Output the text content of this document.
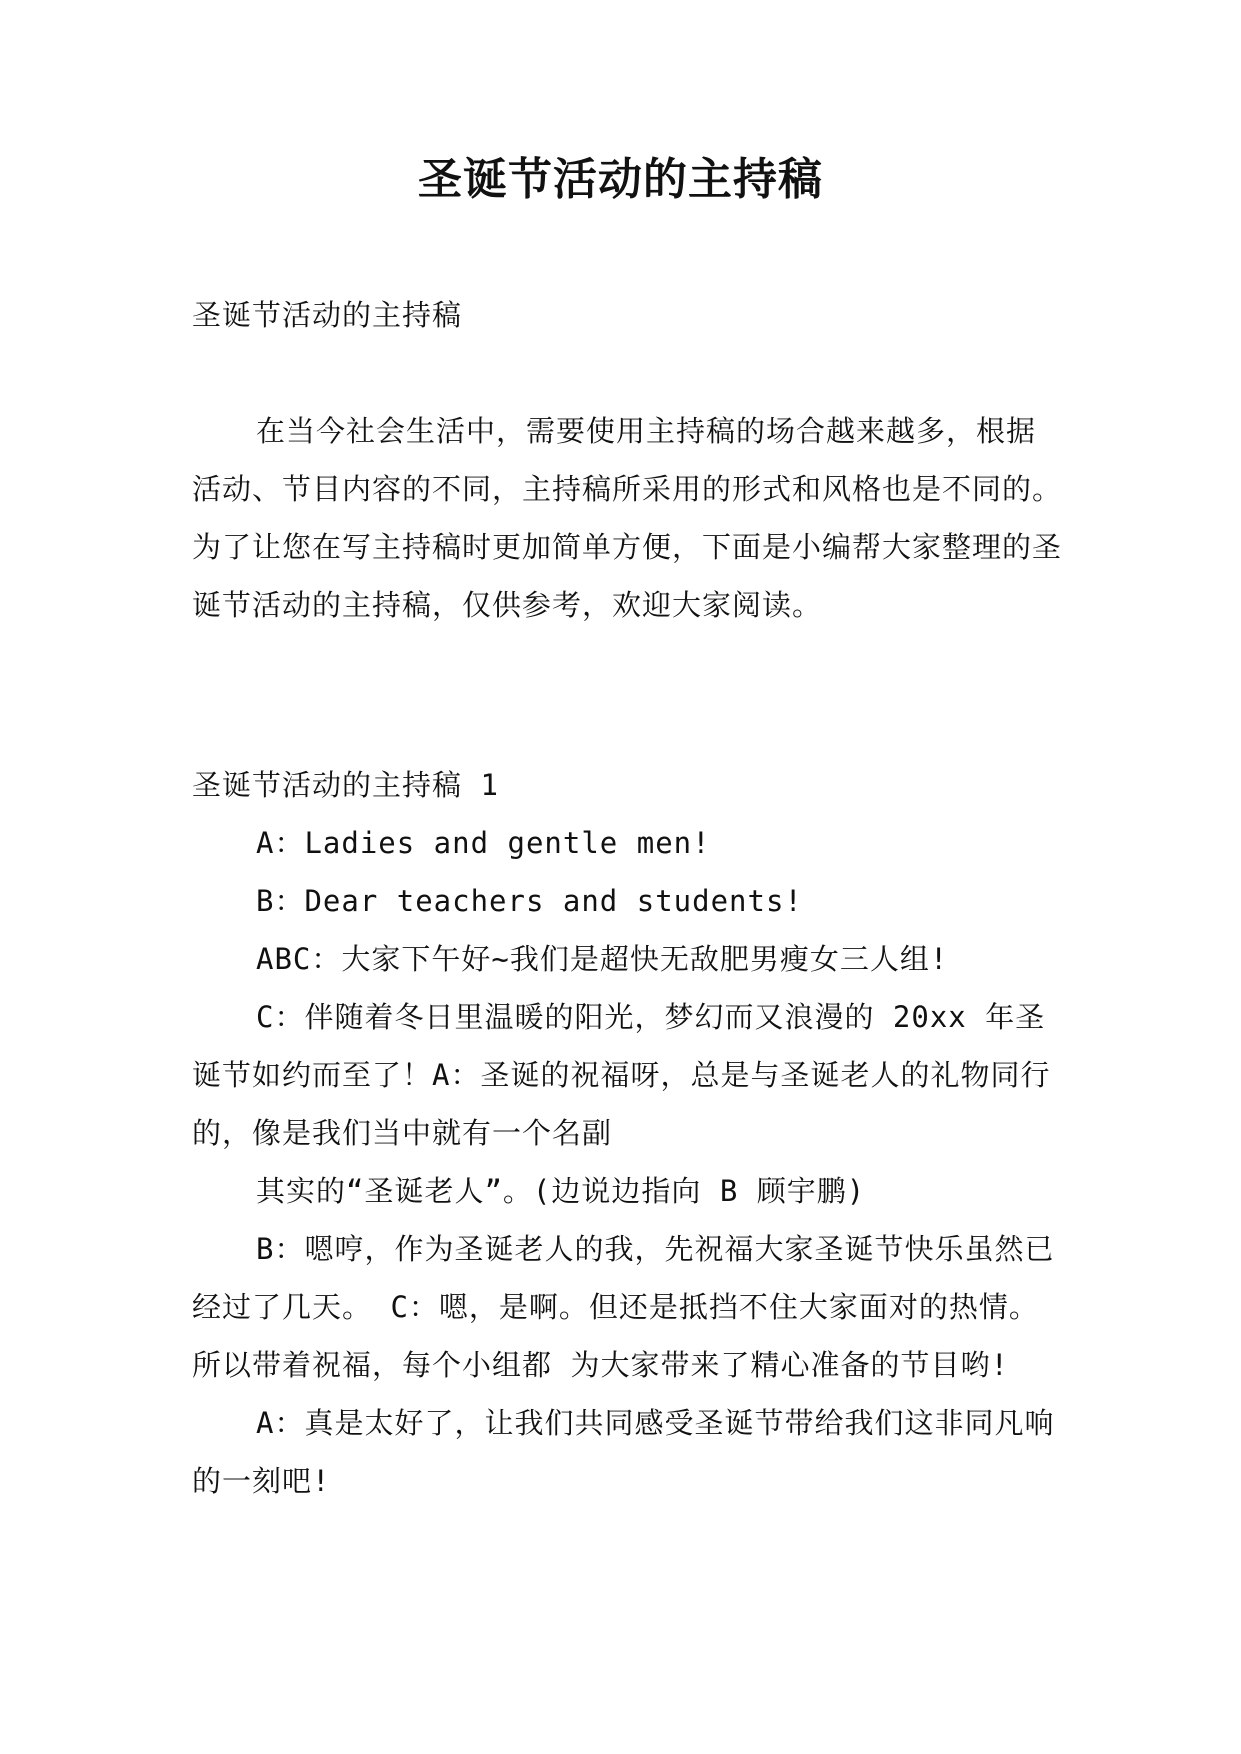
圣诞节活动的主持稿
圣诞节活动的主持稿

在当今社会生活中，需要使用主持稿的场合越来越多，根据活动、节目内容的不同，主持稿所采用的形式和风格也是不同的。为了让您在写主持稿时更加简单方便，下面是小编帮大家整理的圣诞节活动的主持稿，仅供参考，欢迎大家阅读。

圣诞节活动的主持稿 1

A：Ladies and gentle men!

B：Dear teachers and students!

ABC：大家下午好~我们是超快无敌肥男瘦女三人组!

C：伴随着冬日里温暖的阳光，梦幻而又浪漫的 20xx 年圣诞节如约而至了！A：圣诞的祝福呀，总是与圣诞老人的礼物同行的，像是我们当中就有一个名副

其实的“圣诞老人”。(边说边指向 B 顾宇鹏)

B：嗯哼，作为圣诞老人的我，先祝福大家圣诞节快乐虽然已经过了几天。 C：嗯，是啊。但还是抵挡不住大家面对的热情。所以带着祝福，每个小组都 为大家带来了精心准备的节目哟!

A：真是太好了，让我们共同感受圣诞节带给我们这非同凡响的一刻吧!
